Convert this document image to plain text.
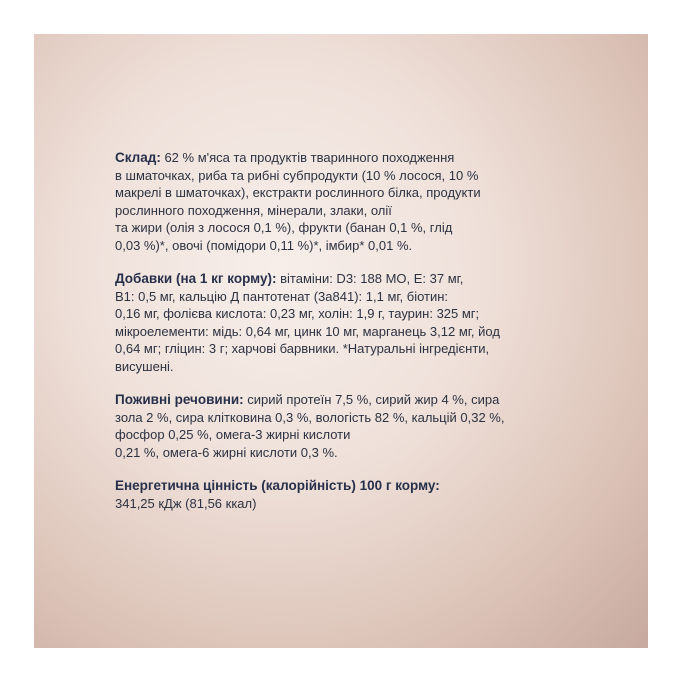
Склад: 62 % м'яса та продуктів тваринного походження
в шматочках, риба та рибні субпродукти (10 % лосося, 10 %
макрелі в шматочках), екстракти рослинного білка, продукти
рослинного походження, мінерали, злаки, олії
та жири (олія з лосося 0,1 %), фрукти (банан 0,1 %, глід
0,03 %)*, овочі (помідори 0,11 %)*, імбир* 0,01 %.
Добавки (на 1 кг корму): вітаміни: D3: 188 МО, Е: 37 мг,
B1: 0,5 мг, кальцію Д пантотенат (3а841): 1,1 мг, біотин:
0,16 мг, фолієва кислота: 0,23 мг, холін: 1,9 г, таурин: 325 мг;
мікроелементи: мідь: 0,64 мг, цинк 10 мг, марганець 3,12 мг, йод
0,64 мг; гліцин: 3 г; харчові барвники. *Натуральні інгредієнти,
висушені.
Поживні речовини: сирий протеїн 7,5 %, сирий жир 4 %, сира
зола 2 %, сира клітковина 0,3 %, вологість 82 %, кальцій 0,32 %,
фосфор 0,25 %, омега-3 жирні кислоти
0,21 %, омега-6 жирні кислоти 0,3 %.
Енергетична цінність (калорійність) 100 г корму:
341,25 кДж (81,56 ккал)
